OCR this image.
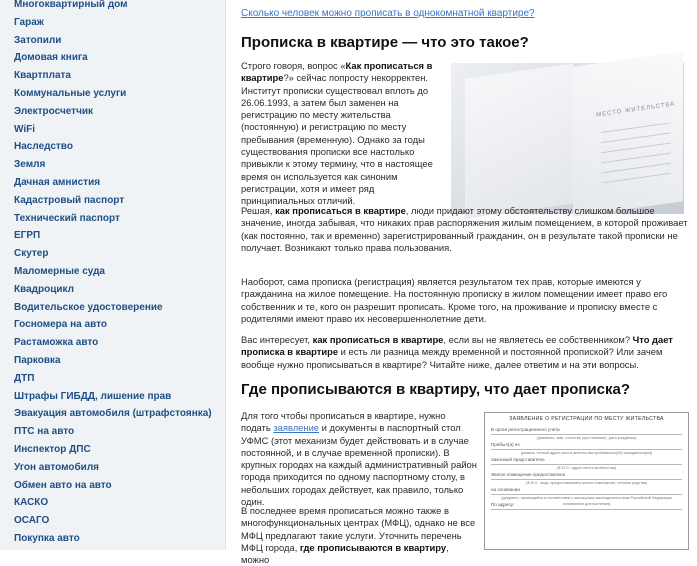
Многоквартирный дом
Гараж
Затопили
Домовая книга
Квартплата
Коммунальные услуги
Электросчетчик
WiFi
Наследство
Земля
Дачная амнистия
Кадастровый паспорт
Технический паспорт
ЕГРП
Скутер
Маломерные суда
Квадроцикл
Водительское удостоверение
Госномера на авто
Растаможка авто
Парковка
ДТП
Штрафы ГИБДД, лишение прав
Эвакуация автомобиля (штрафстоянка)
ПТС на авто
Инспектор ДПС
Угон автомобиля
Обмен авто на авто
КАСКО
ОСАГО
Покупка авто
Сколько человек можно прописать в однокомнатной квартире?
Прописка в квартире — что это такое?

Строго говоря, вопрос «Как прописаться в квартире?» сейчас попросту некорректен. Институт прописки существовал вплоть до 26.06.1993, а затем был заменен на регистрацию по месту жительства (постоянную) и регистрацию по месту пребывания (временную). Однако за годы существования прописки все настолько привыкли к этому термину, что в настоящее время он используется как синоним регистрации, хотя и имеет ряд принципиальных отличий.

МЕСТО ЖИТЕЛЬСТВА

Решая, как прописаться в квартире, люди придают этому обстоятельству слишком большое значение, иногда забывая, что никаких прав распоряжения жилым помещением, в которой проживает (как постоянно, так и временно) зарегистрированный гражданин, он в результате такой прописки не получает. Возникают только права пользования.

Наоборот, сама прописка (регистрация) является результатом тех прав, которые имеются у гражданина на жилое помещение. На постоянную прописку в жилом помещении имеет право его собственник и те, кого он разрешит прописать. Кроме того, на проживание и прописку вместе с родителями имеют право их несовершеннолетние дети.

Вас интересует, как прописаться в квартире, если вы не являетесь ее собственником? Что дает прописка в квартире и есть ли разница между временной и постоянной пропиской? Или зачем вообще нужно прописываться в квартире? Читайте ниже, далее ответим и на эти вопросы.

Где прописываются в квартиру, что дает прописка?

Для того чтобы прописаться в квартире, нужно подать заявление и документы в паспортный стол УФМС (этот механизм будет действовать и в случае постоянной, и в случае временной прописки). В крупных городах на каждый административный район города приходится по одному паспортному столу, в небольших городах действует, как правило, только один.

В последнее время прописаться можно также в многофункциональных центрах (МФЦ), однако не все МФЦ предлагают такие услуги. Уточнить перечень МФЦ города, где прописываются в квартиру, можно

ЗАЯВЛЕНИЕ О РЕГИСТРАЦИИ ПО МЕСТУ ЖИТЕЛЬСТВА
В орган регистрационного учета
(фамилия, имя, отчество (при наличии), дата рождения)
Прибыл(а) из
(указать точный адрес места жительства прибывшего(ей) гражданина(ки))
Законный представитель
(Ф.И.О., адрес места жительства)
Жилое помещение предоставлено
(Ф.И.О. лица, предоставившего жилое помещение, степень родства)
на основании
(документ, являющийся в соответствии с жилищным законодательством Российской Федерации основанием для вселения)
По адресу:
